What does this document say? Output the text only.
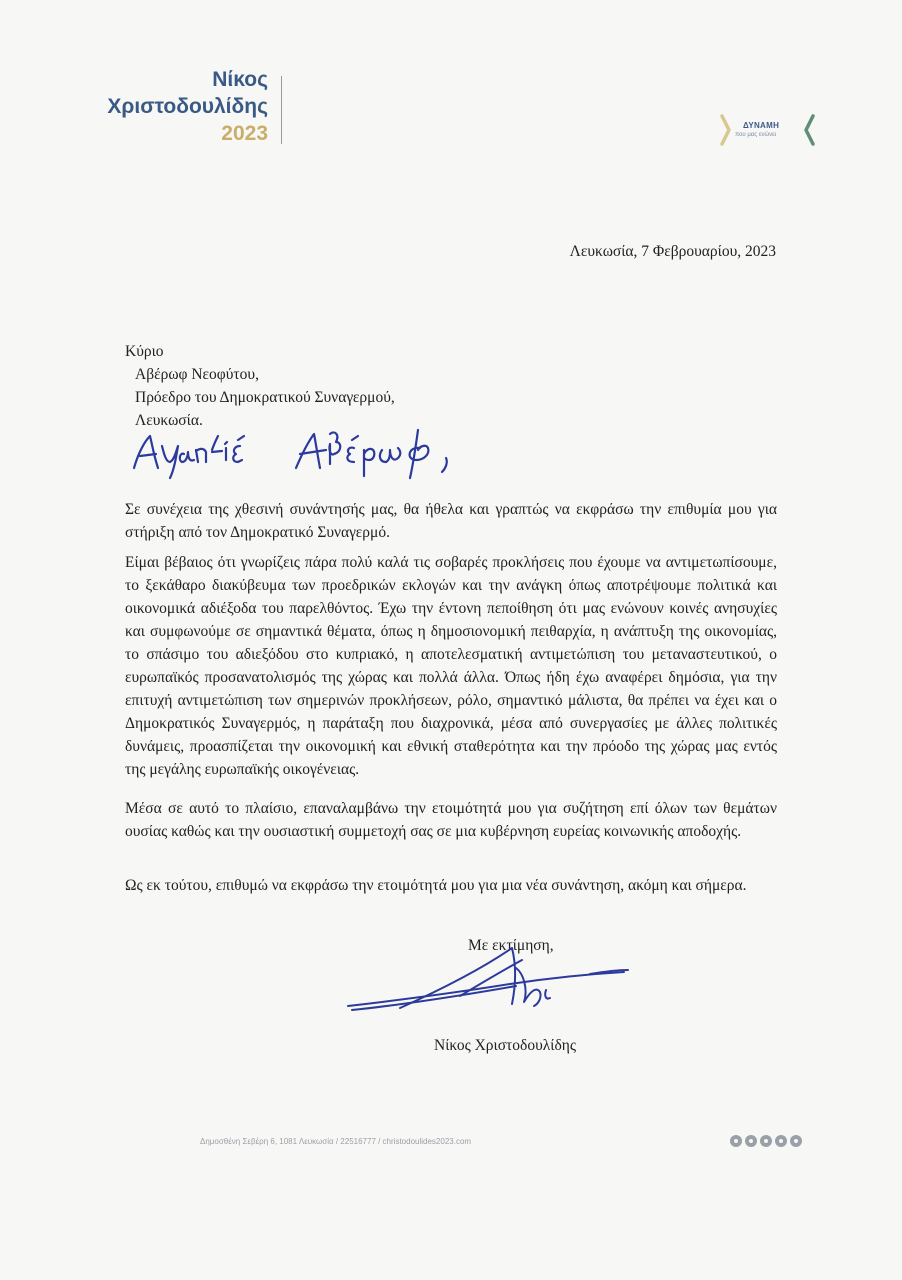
Νίκος
Χριστοδουλίδης
2023	ΔΥΝΑΜΗ
που μας ενώνει
Λευκωσία, 7 Φεβρουαρίου, 2023
Κύριο
Αβέρωφ Νεοφύτου,
Πρόεδρο του Δημοκρατικού Συναγερμού,
Λευκωσία.
Σε συνέχεια της χθεσινή συνάντησής μας, θα ήθελα και γραπτώς να εκφράσω την επιθυμία μου για στήριξη από τον Δημοκρατικό Συναγερμό.
Είμαι βέβαιος ότι γνωρίζεις πάρα πολύ καλά τις σοβαρές προκλήσεις που έχουμε να αντιμετωπίσουμε, το ξεκάθαρο διακύβευμα των προεδρικών εκλογών και την ανάγκη όπως αποτρέψουμε πολιτικά και οικονομικά αδιέξοδα του παρελθόντος. Έχω την έντονη πεποίθηση ότι μας ενώνουν κοινές ανησυχίες και συμφωνούμε σε σημαντικά θέματα, όπως η δημοσιονομική πειθαρχία, η ανάπτυξη της οικονομίας, το σπάσιμο του αδιεξόδου στο κυπριακό, η αποτελεσματική αντιμετώπιση του μεταναστευτικού, ο ευρωπαϊκός προσανατολισμός της χώρας και πολλά άλλα. Όπως ήδη έχω αναφέρει δημόσια, για την επιτυχή αντιμετώπιση των σημερινών προκλήσεων, ρόλο, σημαντικό μάλιστα, θα πρέπει να έχει και ο Δημοκρατικός Συναγερμός, η παράταξη που διαχρονικά, μέσα από συνεργασίες με άλλες πολιτικές δυνάμεις, προασπίζεται την οικονομική και εθνική σταθερότητα και την πρόοδο της χώρας μας εντός της μεγάλης ευρωπαϊκής οικογένειας.
Μέσα σε αυτό το πλαίσιο, επαναλαμβάνω την ετοιμότητά μου για συζήτηση επί όλων των θεμάτων ουσίας καθώς και την ουσιαστική συμμετοχή σας σε μια κυβέρνηση ευρείας κοινωνικής αποδοχής.
Ως εκ τούτου, επιθυμώ να εκφράσω την ετοιμότητά μου για μια νέα συνάντηση, ακόμη και σήμερα.
Με εκτίμηση,
Νίκος Χριστοδουλίδης
Δημοσθένη Σεβέρη 6, 1081 Λευκωσία / 22516777 / christodoulides2023.com
